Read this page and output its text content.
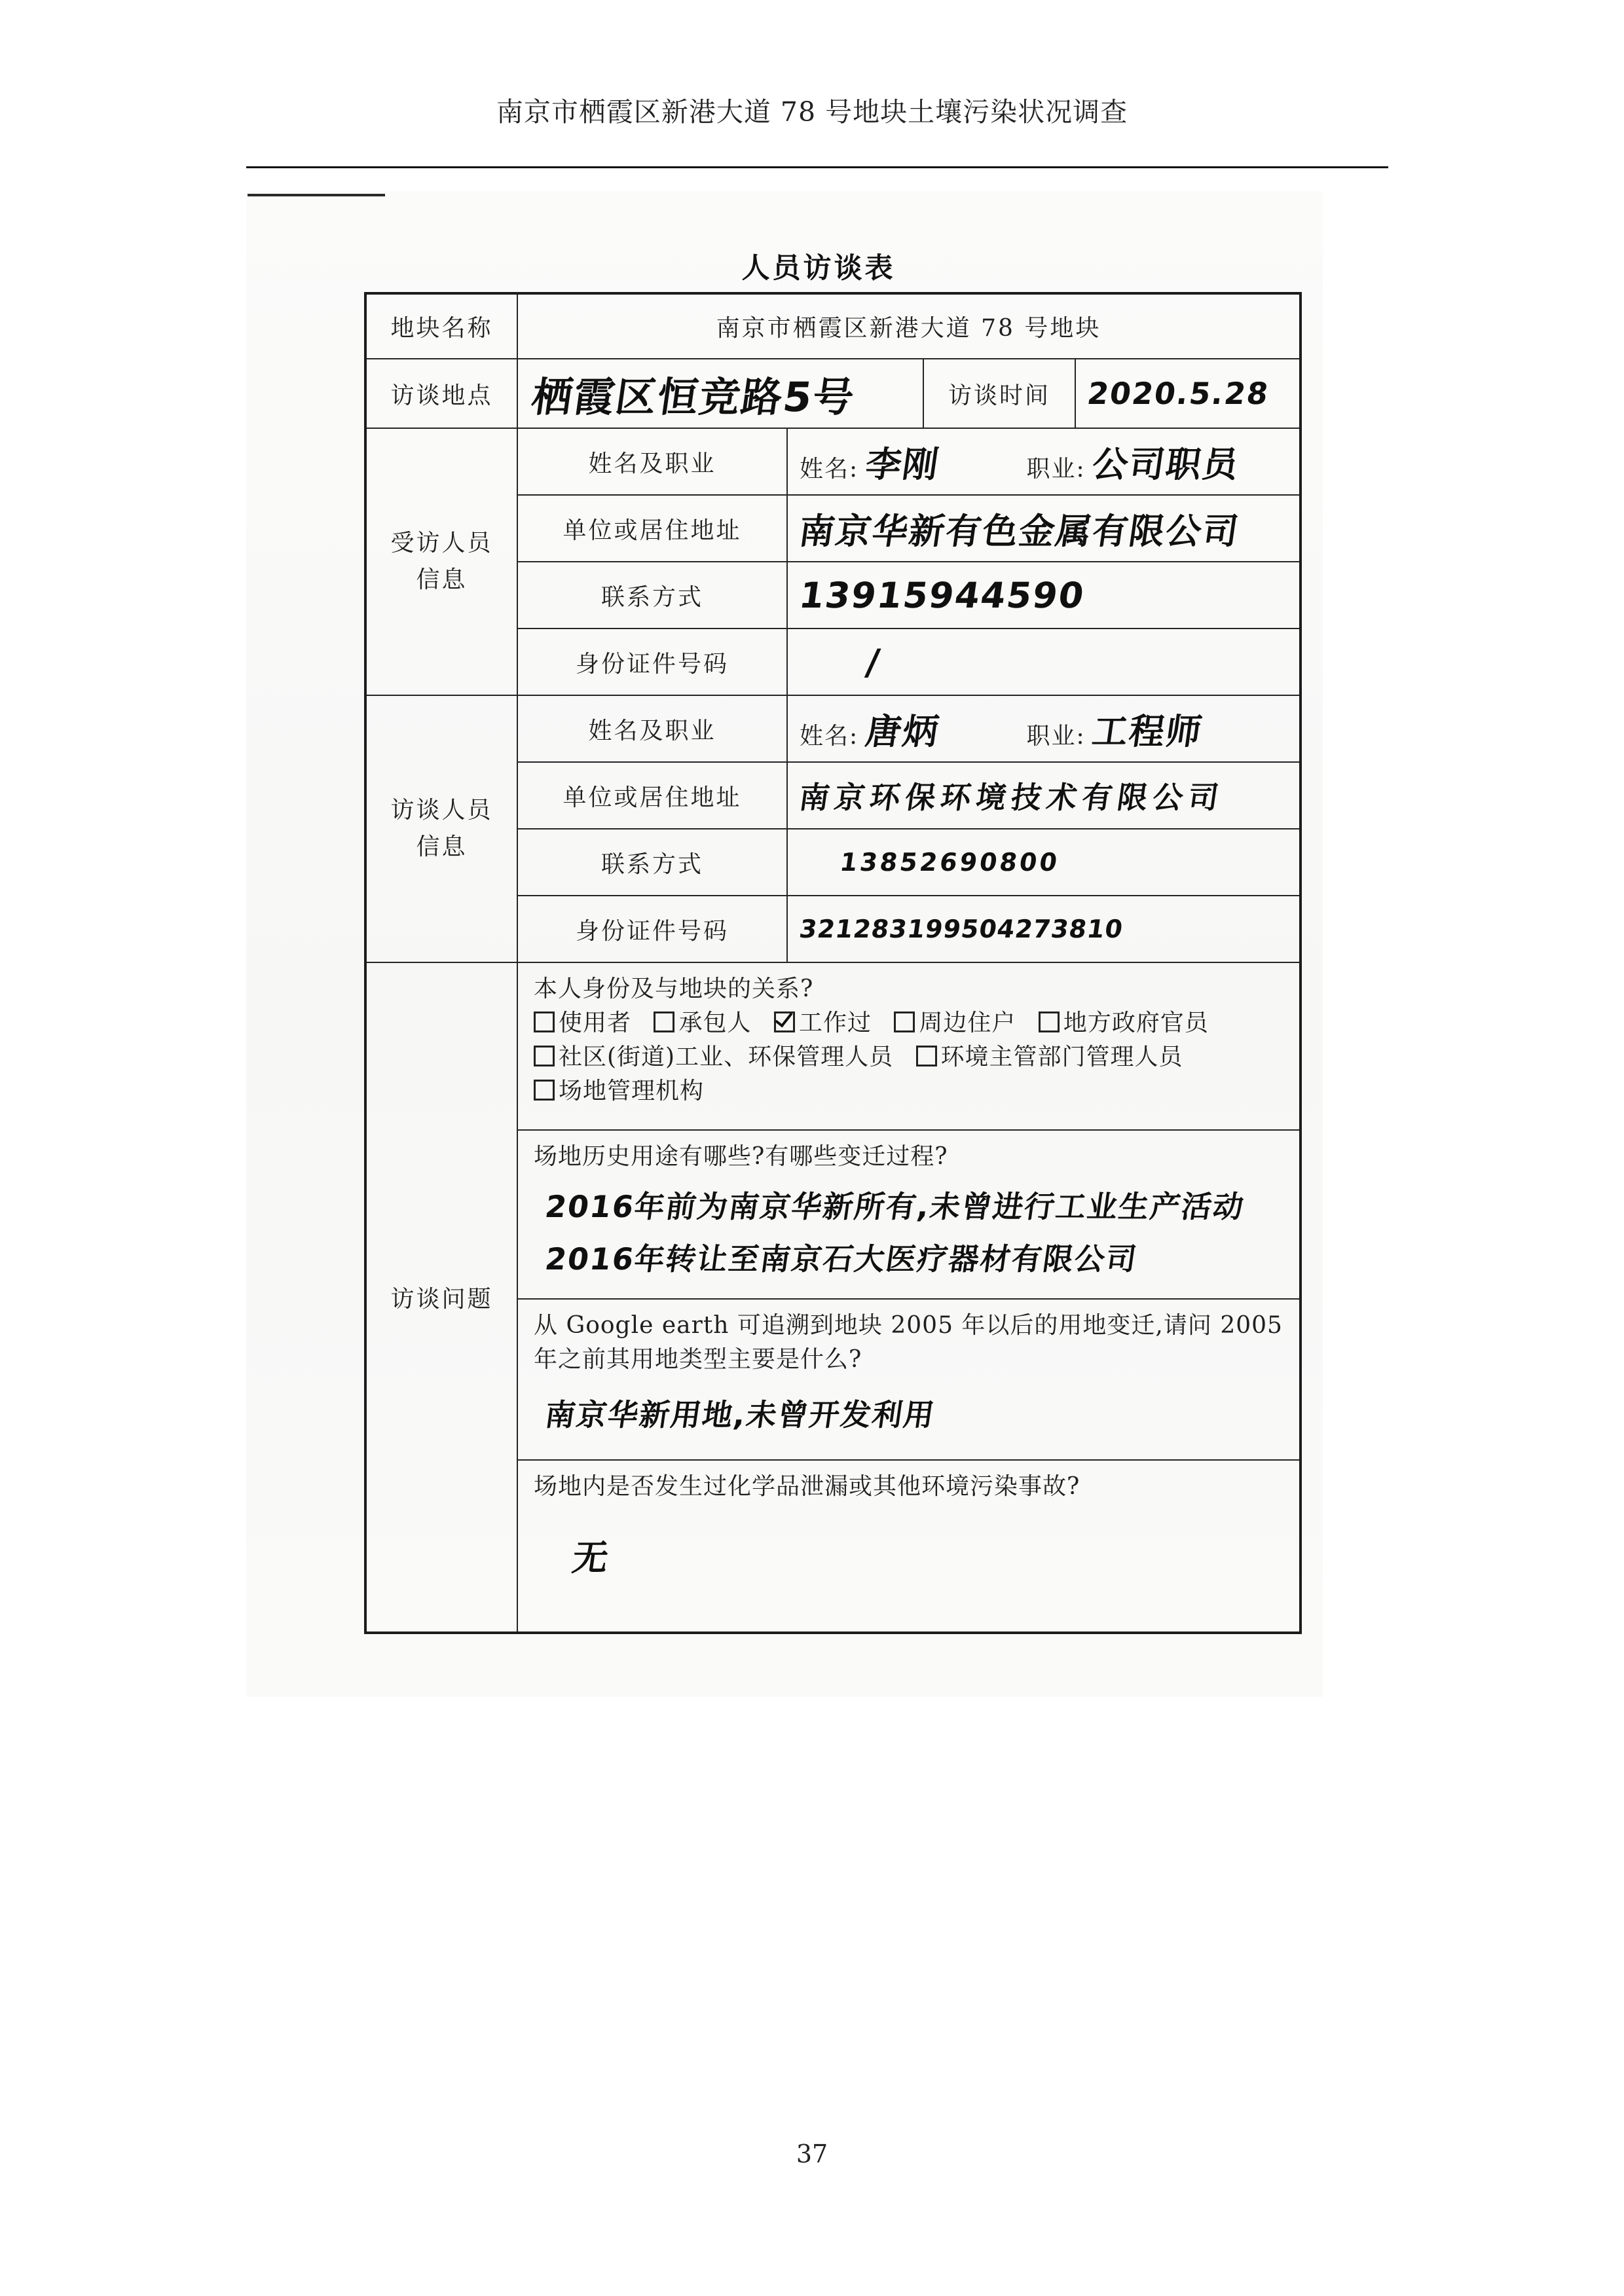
南京市栖霞区新港大道 78 号地块土壤污染状况调查
人员访谈表
地块名称	南京市栖霞区新港大道 78 号地块			
访谈地点	栖霞区恒竞路5号		访谈时间	2020.5.28

受访人员
信息	姓名及职业	姓名: 李刚 职业: 公司职员		
	单位或居住地址	南京华新有色金属有限公司		
	联系方式	13915944590		
	身份证件号码	/		

访谈人员
信息	姓名及职业	姓名: 唐炳 职业: 工程师		
	单位或居住地址	南京环保环境技术有限公司		
	联系方式	13852690800		
	身份证件号码	321283199504273810		
访谈问题	本人身份及与地块的关系?
使用者 承包人 工作过 周边住户 地方政府官员
社区(街道)工业、环保管理人员 环境主管部门管理人员
场地管理机构			

	场地历史用途有哪些?有哪些变迁过程?
2016年前为南京华新所有,未曾进行工业生产活动 2016年转让至南京石大医疗器材有限公司			

	从 Google earth 可追溯到地块 2005 年以后的用地变迁,请问 2005
年之前其用地类型主要是什么?
南京华新用地,未曾开发利用			

	场地内是否发生过化学品泄漏或其他环境污染事故?
无			
37
